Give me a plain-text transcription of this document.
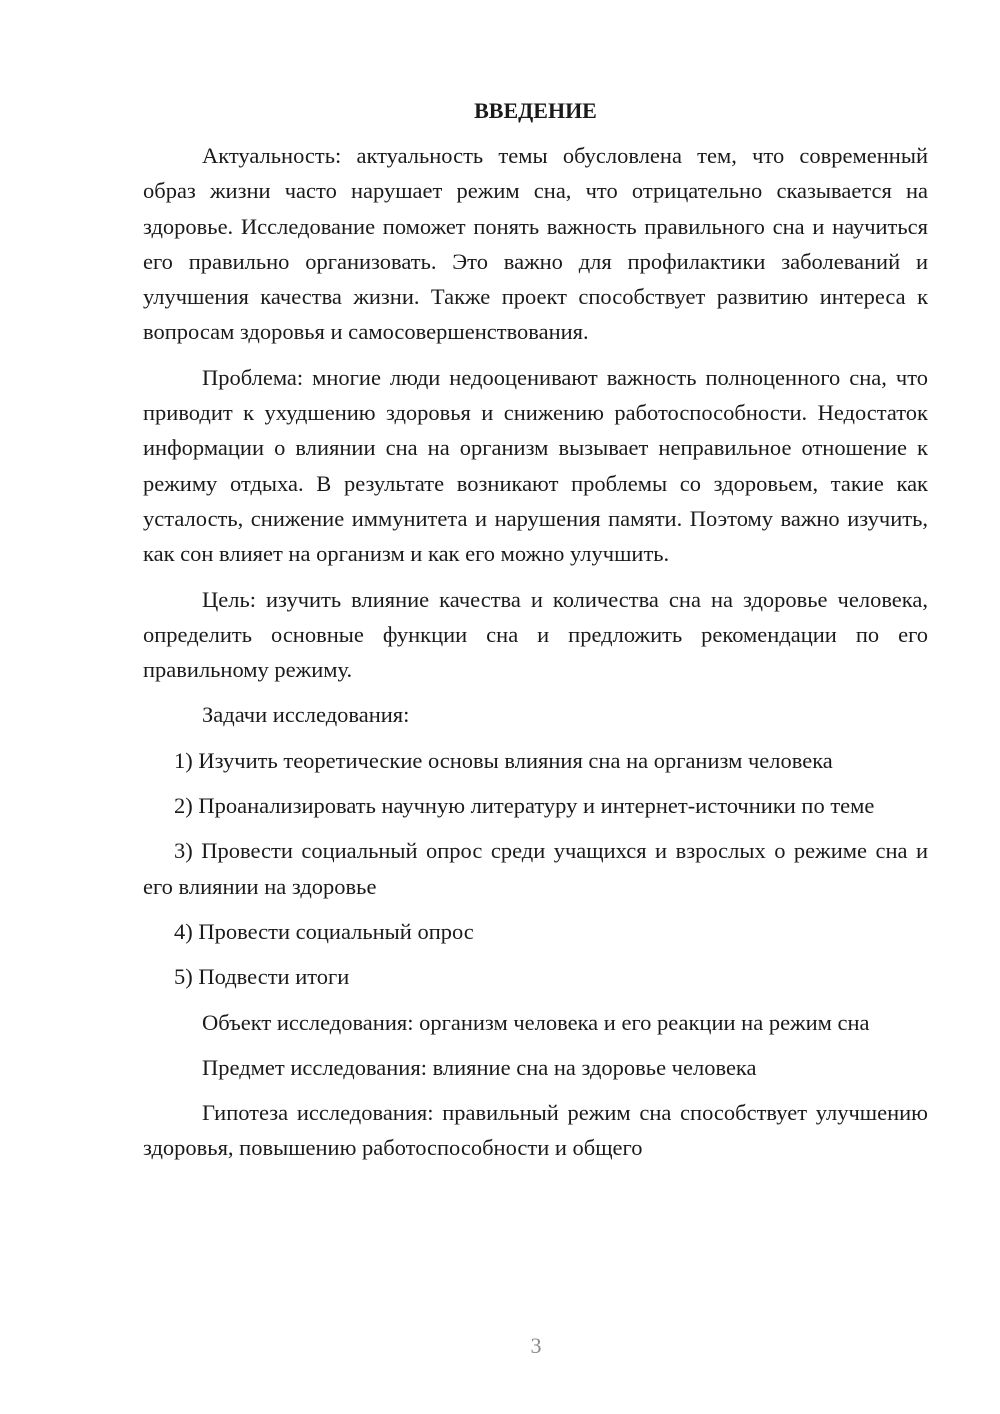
ВВЕДЕНИЕ

Актуальность: актуальность темы обусловлена тем, что современный образ жизни часто нарушает режим сна, что отрицательно сказывается на здоровье. Исследование поможет понять важность правильного сна и научиться его правильно организовать. Это важно для профилактики заболеваний и улучшения качества жизни. Также проект способствует развитию интереса к вопросам здоровья и самосовершенствования.

Проблема: многие люди недооценивают важность полноценного сна, что приводит к ухудшению здоровья и снижению работоспособности. Недостаток информации о влиянии сна на организм вызывает неправильное отношение к режиму отдыха. В результате возникают проблемы со здоровьем, такие как усталость, снижение иммунитета и нарушения памяти. Поэтому важно изучить, как сон влияет на организм и как его можно улучшить.

Цель: изучить влияние качества и количества сна на здоровье человека, определить основные функции сна и предложить рекомендации по его правильному режиму.

Задачи исследования:

1) Изучить теоретические основы влияния сна на организм человека

2) Проанализировать научную литературу и интернет-источники по теме

3) Провести социальный опрос среди учащихся и взрослых о режиме сна и его влиянии на здоровье

4) Провести социальный опрос

5) Подвести итоги

Объект исследования: организм человека и его реакции на режим сна

Предмет исследования: влияние сна на здоровье человека

Гипотеза исследования: правильный режим сна способствует улучшению здоровья, повышению работоспособности и общего

3
